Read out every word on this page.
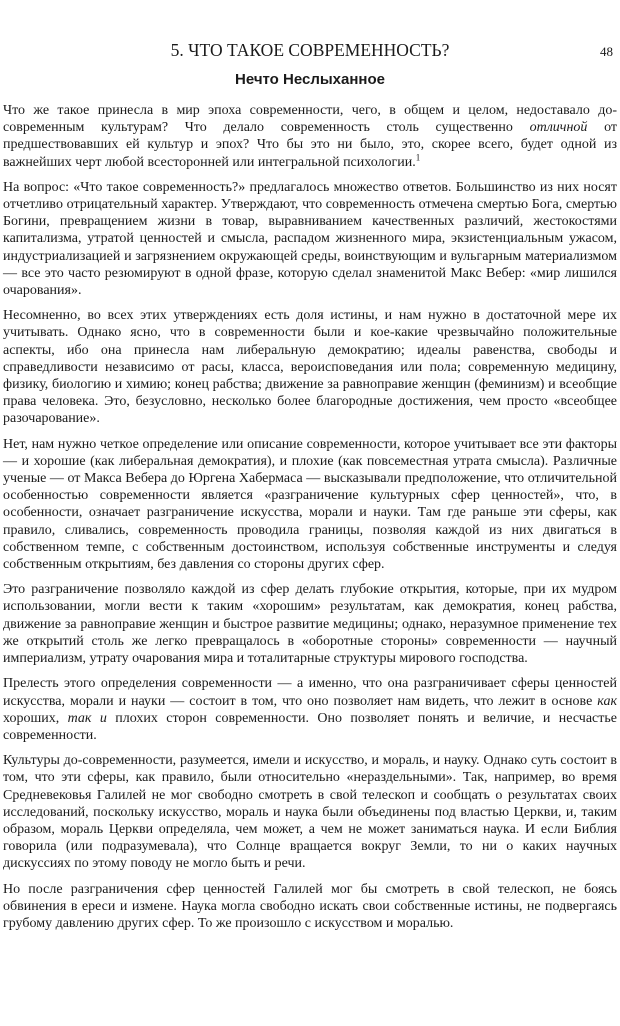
48
5. ЧТО ТАКОЕ СОВРЕМЕННОСТЬ?
Нечто Неслыханное

Что же такое принесла в мир эпоха современности, чего, в общем и целом, недоставало до-современным культурам? Что делало современность столь существенно отличной от предшествовавших ей культур и эпох? Что бы это ни было, это, скорее всего, будет одной из важнейших черт любой всесторонней или интегральной психологии.$^1$

На вопрос: «Что такое современность?» предлагалось множество ответов. Большинство из них носят отчетливо отрицательный характер. Утверждают, что современность отмечена смертью Бога, смертью Богини, превращением жизни в товар, выравниванием качественных различий, жестокостями капитализма, утратой ценностей и смысла, распадом жизненного мира, экзистенциальным ужасом, индустриализацией и загрязнением окружающей среды, воинствующим и вульгарным материализмом — все это часто резюмируют в одной фразе, которую сделал знаменитой Макс Вебер: «мир лишился очарования».

Несомненно, во всех этих утверждениях есть доля истины, и нам нужно в достаточной мере их учитывать. Однако ясно, что в современности были и кое-какие чрезвычайно положительные аспекты, ибо она принесла нам либеральную демократию; идеалы равенства, свободы и справедливости независимо от расы, класса, вероисповедания или пола; современную медицину, физику, биологию и химию; конец рабства; движение за равноправие женщин (феминизм) и всеобщие права человека. Это, безусловно, несколько более благородные достижения, чем просто «всеобщее разочарование».

Нет, нам нужно четкое определение или описание современности, которое учитывает все эти факторы — и хорошие (как либеральная демократия), и плохие (как повсеместная утрата смысла). Различные ученые — от Макса Вебера до Юргена Хабермаса — высказывали предположение, что отличительной особенностью современности является «разграничение культурных сфер ценностей», что, в особенности, означает разграничение искусства, морали и науки. Там где раньше эти сферы, как правило, сливались, современность проводила границы, позволяя каждой из них двигаться в собственном темпе, с собственным достоинством, используя собственные инструменты и следуя собственным открытиям, без давления со стороны других сфер.

Это разграничение позволяло каждой из сфер делать глубокие открытия, которые, при их мудром использовании, могли вести к таким «хорошим» результатам, как демократия, конец рабства, движение за равноправие женщин и быстрое развитие медицины; однако, неразумное применение тех же открытий столь же легко превращалось в «оборотные стороны» современности — научный империализм, утрату очарования мира и тоталитарные структуры мирового господства.

Прелесть этого определения современности — а именно, что она разграничивает сферы ценностей искусства, морали и науки — состоит в том, что оно позволяет нам видеть, что лежит в основе как хороших, так и плохих сторон современности. Оно позволяет понять и величие, и несчастье современности.

Культуры до-современности, разумеется, имели и искусство, и мораль, и науку. Однако суть состоит в том, что эти сферы, как правило, были относительно «нераздельными». Так, например, во время Средневековья Галилей не мог свободно смотреть в свой телескоп и сообщать о результатах своих исследований, поскольку искусство, мораль и наука были объединены под властью Церкви, и, таким образом, мораль Церкви определяла, чем может, а чем не может заниматься наука. И если Библия говорила (или подразумевала), что Солнце вращается вокруг Земли, то ни о каких научных дискуссиях по этому поводу не могло быть и речи.

Но после разграничения сфер ценностей Галилей мог бы смотреть в свой телескоп, не боясь обвинения в ереси и измене. Наука могла свободно искать свои собственные истины, не подвергаясь грубому давлению других сфер. То же произошло с искусством и моралью.
